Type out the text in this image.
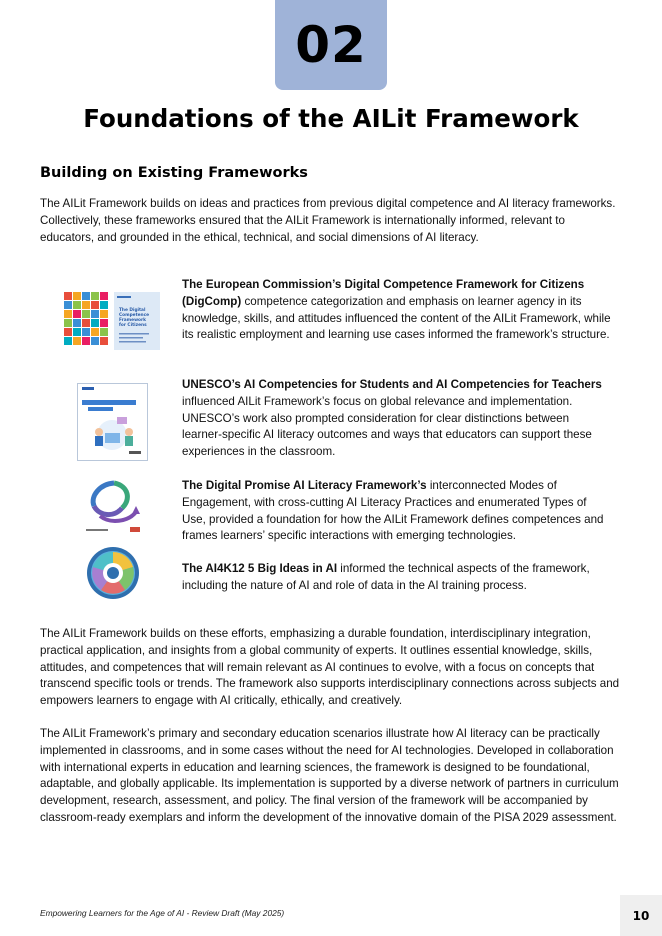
02
Foundations of the AILit Framework
Building on Existing Frameworks

The AILit Framework builds on ideas and practices from previous digital competence and AI literacy frameworks. Collectively, these frameworks ensured that the AILit Framework is internationally informed, relevant to educators, and grounded in the ethical, technical, and social dimensions of AI literacy.

The Digital Competence Framework for Citizens

The European Commission’s Digital Competence Framework for Citizens (DigComp) competence categorization and emphasis on learner agency in its knowledge, skills, and attitudes influenced the content of the AILit Framework, while its realistic employment and learning use cases informed the framework’s structure.

UNESCO’s AI Competencies for Students and AI Competencies for Teachers influenced AILit Framework’s focus on global relevance and implementation. UNESCO’s work also prompted consideration for clear distinctions between learner-specific AI literacy outcomes and ways that educators can support these experiences in the classroom.

The Digital Promise AI Literacy Framework’s interconnected Modes of Engagement, with cross-cutting AI Literacy Practices and enumerated Types of Use, provided a foundation for how the AILit Framework defines competences and frames learners’ specific interactions with emerging technologies.

The AI4K12 5 Big Ideas in AI informed the technical aspects of the framework, including the nature of AI and role of data in the AI training process.

The AILit Framework builds on these efforts, emphasizing a durable foundation, interdisciplinary integration, practical application, and insights from a global community of experts. It outlines essential knowledge, skills, attitudes, and competences that will remain relevant as AI continues to evolve, with a focus on concepts that transcend specific tools or trends. The framework also supports interdisciplinary connections across subjects and empowers learners to engage with AI critically, ethically, and creatively.

The AILit Framework’s primary and secondary education scenarios illustrate how AI literacy can be practically implemented in classrooms, and in some cases without the need for AI technologies. Developed in collaboration with international experts in education and learning sciences, the framework is designed to be foundational, adaptable, and globally applicable. Its implementation is supported by a diverse network of partners in curriculum development, research, assessment, and policy. The final version of the framework will be accompanied by classroom-ready exemplars and inform the development of the innovative domain of the PISA 2029 assessment.

Empowering Learners for the Age of AI - Review Draft (May 2025)	10
